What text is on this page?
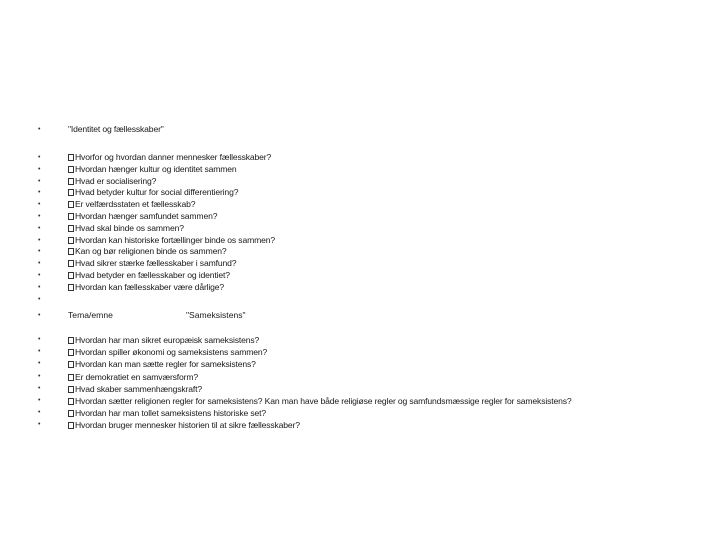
•	"Identitet og fællesskaber"
•	Hvorfor og hvordan danner mennesker fællesskaber?
•	Hvordan hænger kultur og identitet sammen
•	Hvad er socialisering?
•	Hvad betyder kultur for social differentiering?
•	Er velfærdsstaten et fællesskab?
•	Hvordan hænger samfundet sammen?
•	Hvad skal binde os sammen?
•	Hvordan kan historiske fortællinger binde os sammen?
•	Kan og bør religionen binde os sammen?
•	Hvad sikrer stærke fællesskaber i samfund?
•	Hvad betyder en fællesskaber og identiet?
•	Hvordan kan fællesskaber være dårlige?
•
•	Tema/emne	"Sameksistens"
•	Hvordan har man sikret europæisk sameksistens?
•	Hvordan spiller økonomi og sameksistens sammen?
•	Hvordan kan man sætte regler for sameksistens?
•	Er demokratiet en samværsform?
•	Hvad skaber sammenhængskraft?
•	Hvordan sætter religionen regler for sameksistens? Kan man have både religiøse regler og samfundsmæssige regler for sameksistens?
•	Hvordan har man tollet sameksistens historiske set?
•	Hvordan bruger mennesker historien til at sikre fællesskaber?
